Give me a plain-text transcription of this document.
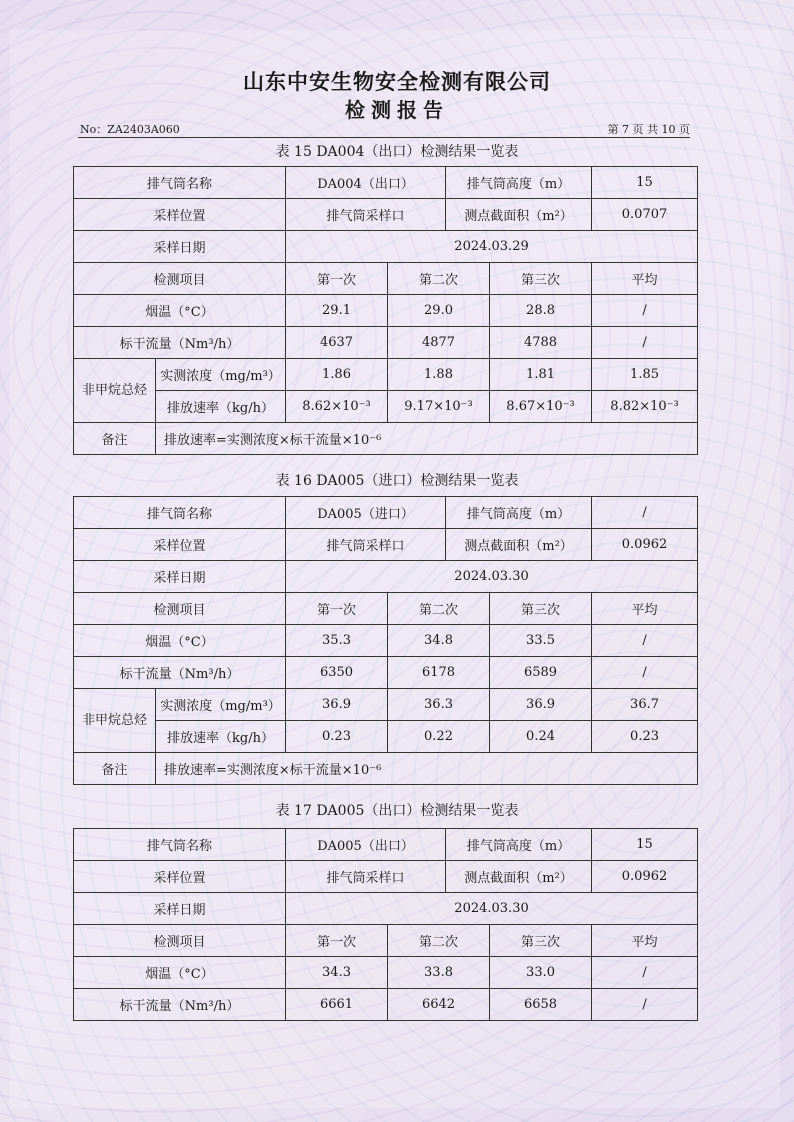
山东中安生物安全检测有限公司
检测报告
No：ZA2403A060	第 7 页 共 10 页
表 15 DA004（出口）检测结果一览表
排气筒名称		DA004（出口）		排气筒高度（m）		15
采样位置		排气筒采样口		测点截面积（m²）		0.0707
采样日期		2024.03.29				
检测项目		第一次	第二次		第三次	平均
烟温（°C）		29.1	29.0		28.8	/
标干流量（Nm³/h）		4637	4877		4788	/
非甲烷总烃	实测浓度（mg/m³）	1.86	1.88		1.81	1.85
	排放速率（kg/h）	8.62×10⁻³	9.17×10⁻³		8.67×10⁻³	8.82×10⁻³
备注	排放速率=实测浓度×标干流量×10⁻⁶					
表 16 DA005（进口）检测结果一览表
排气筒名称		DA005（进口）		排气筒高度（m）		/
采样位置		排气筒采样口		测点截面积（m²）		0.0962
采样日期		2024.03.30				
检测项目		第一次	第二次		第三次	平均
烟温（°C）		35.3	34.8		33.5	/
标干流量（Nm³/h）		6350	6178		6589	/
非甲烷总烃	实测浓度（mg/m³）	36.9	36.3		36.9	36.7
	排放速率（kg/h）	0.23	0.22		0.24	0.23
备注	排放速率=实测浓度×标干流量×10⁻⁶					
表 17 DA005（出口）检测结果一览表
排气筒名称	DA005（出口）		排气筒高度（m）		15
采样位置	排气筒采样口		测点截面积（m²）		0.0962
采样日期	2024.03.30				
检测项目	第一次	第二次		第三次	平均
烟温（°C）	34.3	33.8		33.0	/
标干流量（Nm³/h）	6661	6642		6658	/
